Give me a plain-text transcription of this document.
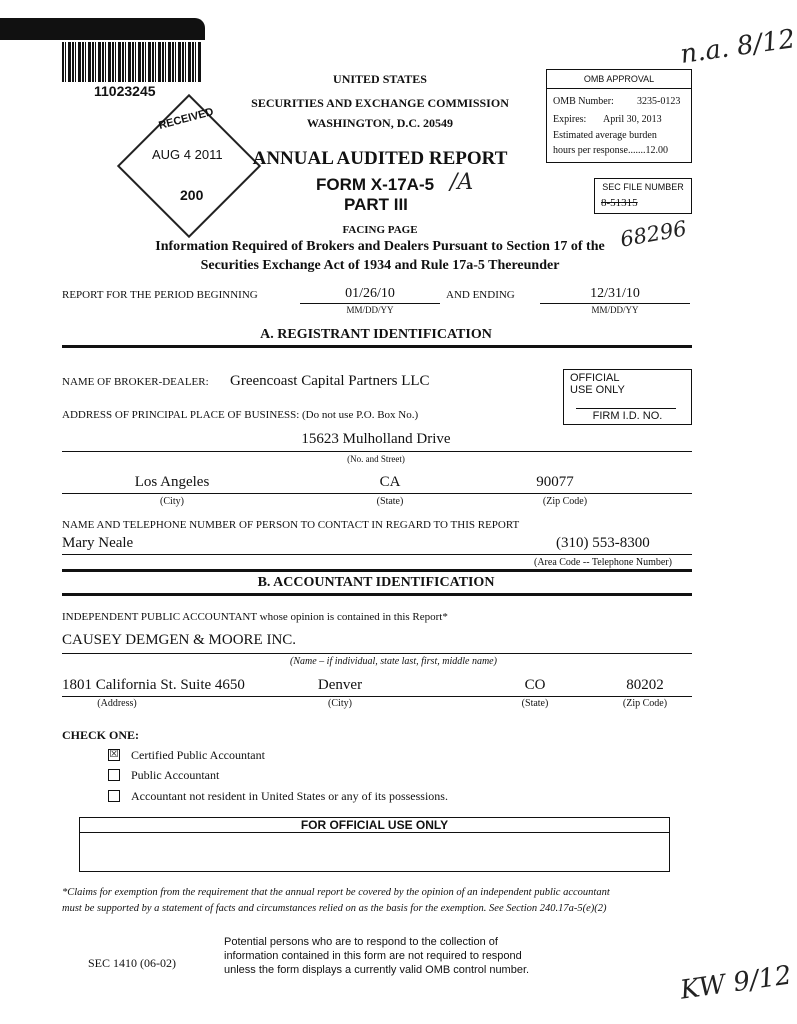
11023245
RECEIVED
AUG 4 2011
200
UNITED STATES
SECURITIES AND EXCHANGE COMMISSION
WASHINGTON, D.C. 20549
ANNUAL AUDITED REPORT
FORM X-17A-5 /A
PART III
FACING PAGE
Information Required of Brokers and Dealers Pursuant to Section 17 of the
Securities Exchange Act of 1934 and Rule 17a-5 Thereunder
OMB APPROVAL
OMB Number: 3235-0123
Expires: April 30, 2013
Estimated average burden
hours per response.......12.00
SEC FILE NUMBER
8-51315
68296
n.a. 8/12
KW 9/12
REPORT FOR THE PERIOD BEGINNING	01/26/10
MM/DD/YY
AND ENDING	12/31/10
MM/DD/YY
A. REGISTRANT IDENTIFICATION
NAME OF BROKER-DEALER: Greencoast Capital Partners LLC	OFFICIAL USE ONLY
FIRM I.D. NO.
ADDRESS OF PRINCIPAL PLACE OF BUSINESS: (Do not use P.O. Box No.)
15623 Mulholland Drive
(No. and Street)
Los Angeles	CA	90077
(City)	(State)	(Zip Code)
NAME AND TELEPHONE NUMBER OF PERSON TO CONTACT IN REGARD TO THIS REPORT
Mary Neale	(310) 553-8300
(Area Code -- Telephone Number)
B. ACCOUNTANT IDENTIFICATION
INDEPENDENT PUBLIC ACCOUNTANT whose opinion is contained in this Report*
CAUSEY DEMGEN & MOORE INC.
(Name – if individual, state last, first, middle name)
1801 California St. Suite 4650	Denver	CO	80202
(Address)	(City)	(State)	(Zip Code)
CHECK ONE:
☒ Certified Public Accountant
Public Accountant
Accountant not resident in United States or any of its possessions.
FOR OFFICIAL USE ONLY
*Claims for exemption from the requirement that the annual report be covered by the opinion of an independent public accountant
must be supported by a statement of facts and circumstances relied on as the basis for the exemption. See Section 240.17a-5(e)(2)
SEC 1410 (06-02)
Potential persons who are to respond to the collection of
information contained in this form are not required to respond
unless the form displays a currently valid OMB control number.
